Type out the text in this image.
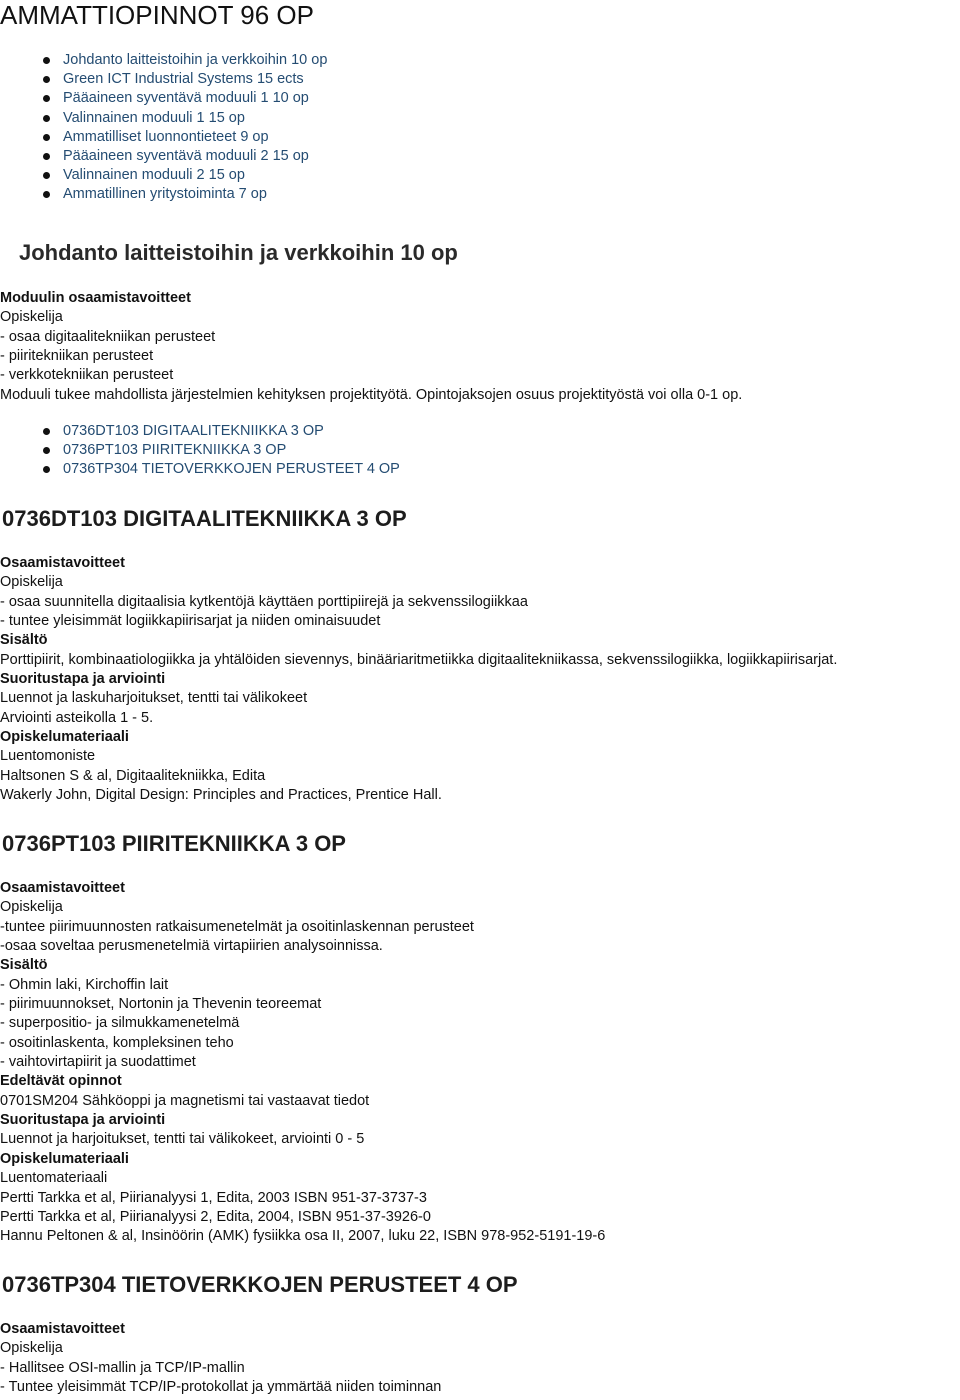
AMMATTIOPINNOT 96 OP
Johdanto laitteistoihin ja verkkoihin 10 op
Green ICT Industrial Systems 15 ects
Pääaineen syventävä moduuli 1 10 op
Valinnainen moduuli 1 15 op
Ammatilliset luonnontieteet 9 op
Pääaineen syventävä moduuli 2 15 op
Valinnainen moduuli 2 15 op
Ammatillinen yritystoiminta 7 op
Johdanto laitteistoihin ja verkkoihin 10 op
Moduulin osaamistavoitteet
Opiskelija
- osaa digitaalitekniikan perusteet
- piiritekniikan perusteet
- verkkotekniikan perusteet
Moduuli tukee mahdollista järjestelmien kehityksen projektityötä. Opintojaksojen osuus projektityöstä voi olla 0-1 op.
0736DT103 DIGITAALITEKNIIKKA 3 OP
0736PT103 PIIRITEKNIIKKA 3 OP
0736TP304 TIETOVERKKOJEN PERUSTEET 4 OP
0736DT103 DIGITAALITEKNIIKKA 3 OP
Osaamistavoitteet
Opiskelija
- osaa suunnitella digitaalisia kytkentöjä käyttäen porttipiirejä ja sekvenssilogiikkaa
- tuntee yleisimmät logiikkapiirisarjat ja niiden ominaisuudet
Sisältö
Porttipiirit, kombinaatiologiikka ja yhtälöiden sievennys, binääriaritmetiikka digitaalitekniikassa, sekvenssilogiikka, logiikkapiirisarjat.
Suoritustapa ja arviointi
Luennot ja laskuharjoitukset, tentti tai välikokeet
Arviointi asteikolla 1 - 5.
Opiskelumateriaali
Luentomoniste
Haltsonen S & al, Digitaalitekniikka, Edita
Wakerly John, Digital Design: Principles and Practices, Prentice Hall.
0736PT103 PIIRITEKNIIKKA 3 OP
Osaamistavoitteet
Opiskelija
-tuntee piirimuunnosten ratkaisumenetelmät ja osoitinlaskennan perusteet
-osaa soveltaa perusmenetelmiä virtapiirien analysoinnissa.
Sisältö
- Ohmin laki, Kirchoffin lait
- piirimuunnokset, Nortonin ja Thevenin teoreemat
- superpositio- ja silmukkamenetelmä
- osoitinlaskenta, kompleksinen teho
- vaihtovirtapiirit ja suodattimet
Edeltävät opinnot
0701SM204 Sähköoppi ja magnetismi tai vastaavat tiedot
Suoritustapa ja arviointi
Luennot ja harjoitukset, tentti tai välikokeet, arviointi 0 - 5
Opiskelumateriaali
Luentomateriaali
Pertti Tarkka et al, Piirianalyysi 1, Edita, 2003 ISBN 951-37-3737-3
Pertti Tarkka et al, Piirianalyysi 2, Edita, 2004, ISBN 951-37-3926-0
Hannu Peltonen & al, Insinöörin (AMK) fysiikka osa II, 2007, luku 22, ISBN 978-952-5191-19-6
0736TP304 TIETOVERKKOJEN PERUSTEET 4 OP
Osaamistavoitteet
Opiskelija
- Hallitsee OSI-mallin ja TCP/IP-mallin
- Tuntee yleisimmät TCP/IP-protokollat ja ymmärtää niiden toiminnan
